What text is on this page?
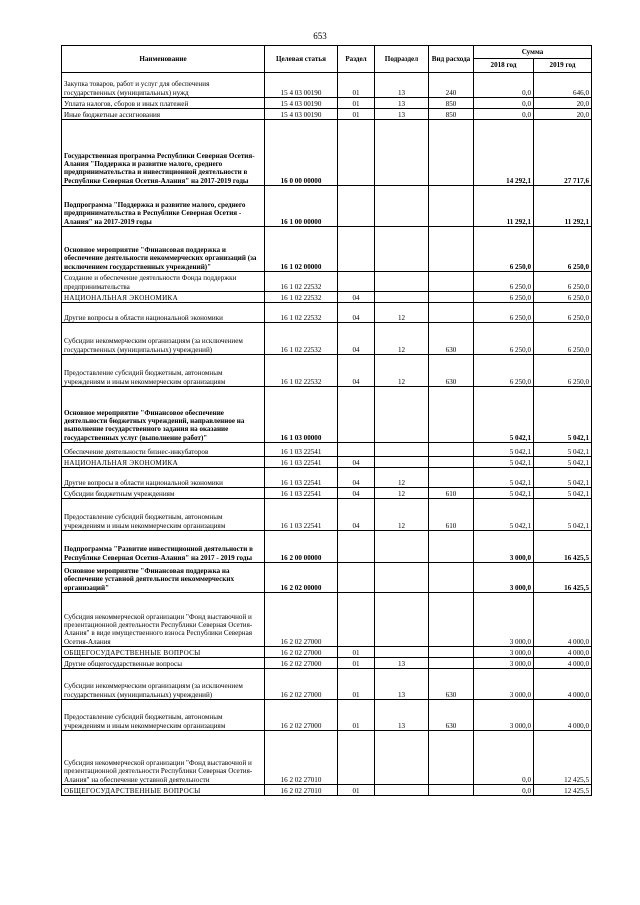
653
Наименование	Целевая статья	Раздел	Подраздел	Вид расхода	Сумма	
					2018 год	2019 год
Закупка товаров, работ и услуг для обеспечения государственных (муниципальных) нужд	15 4 03 00190	01	13	240	0,0	646,0
Уплата налогов, сборов и иных платежей	15 4 03 00190	01	13	850	0,0	20,0
Иные бюджетные ассигнования	15 4 03 00190	01	13	850	0,0	20,0
Государственная программа Республики Северная Осетия-Алания "Поддержка и развитие малого, среднего предпринимательства и инвестиционной деятельности в Республике Северная Осетия-Алания" на 2017-2019 годы	16 0 00 00000				14 292,1	27 717,6
Подпрограмма "Поддержка и развитие малого, среднего предпринимательства в Республике Северная Осетия - Алания" на 2017-2019 годы	16 1 00 00000				11 292,1	11 292,1
Основное мероприятие "Финансовая поддержка и обеспечение деятельности некоммерческих организаций (за исключением государственных учреждений)"	16 1 02 00000				6 250,0	6 250,0
Создание и обеспечение деятельности Фонда поддержки предпринимательства	16 1 02 22532				6 250,0	6 250,0
НАЦИОНАЛЬНАЯ ЭКОНОМИКА	16 1 02 22532	04			6 250,0	6 250,0
Другие вопросы в области национальной экономики	16 1 02 22532	04	12		6 250,0	6 250,0
Субсидии некоммерческим организациям (за исключением государственных (муниципальных) учреждений)	16 1 02 22532	04	12	630	6 250,0	6 250,0
Предоставление субсидий бюджетным, автономным учреждениям и иным некоммерческим организациям	16 1 02 22532	04	12	630	6 250,0	6 250,0
Основное мероприятие "Финансовое обеспечение деятельности бюджетных учреждений, направленное на выполнение государственного задания на оказание государственных услуг (выполнение работ)"	16 1 03 00000				5 042,1	5 042,1
Обеспечение деятельности бизнес-инкубаторов	16 1 03 22541				5 042,1	5 042,1
НАЦИОНАЛЬНАЯ ЭКОНОМИКА	16 1 03 22541	04			5 042,1	5 042,1
Другие вопросы в области национальной экономики	16 1 03 22541	04	12		5 042,1	5 042,1
Субсидии бюджетным учреждениям	16 1 03 22541	04	12	610	5 042,1	5 042,1
Предоставление субсидий бюджетным, автономным учреждениям и иным некоммерческим организациям	16 1 03 22541	04	12	610	5 042,1	5 042,1
Подпрограмма "Развитие инвестиционной деятельности в Республике Северная Осетия-Алания" на 2017 - 2019 годы	16 2 00 00000				3 000,0	16 425,5
Основное мероприятие "Финансовая поддержка на обеспечение уставной деятельности некоммерческих организаций"	16 2 02 00000				3 000,0	16 425,5
Субсидия некоммерческой организации "Фонд выставочной и презентационной деятельности Республики Северная Осетия-Алания" в виде имущественного взноса Республики Северная Осетия-Алания	16 2 02 27000				3 000,0	4 000,0
ОБЩЕГОСУДАРСТВЕННЫЕ ВОПРОСЫ	16 2 02 27000	01			3 000,0	4 000,0
Другие общегосударственные вопросы	16 2 02 27000	01	13		3 000,0	4 000,0
Субсидии некоммерческим организациям (за исключением государственных (муниципальных) учреждений)	16 2 02 27000	01	13	630	3 000,0	4 000,0
Предоставление субсидий бюджетным, автономным учреждениям и иным некоммерческим организациям	16 2 02 27000	01	13	630	3 000,0	4 000,0
Субсидия некоммерческой организации "Фонд выставочной и презентационной деятельности Республики Северная Осетия-Алания" на обеспечение уставной деятельности	16 2 02 27010				0,0	12 425,5
ОБЩЕГОСУДАРСТВЕННЫЕ ВОПРОСЫ	16 2 02 27010	01			0,0	12 425,5
